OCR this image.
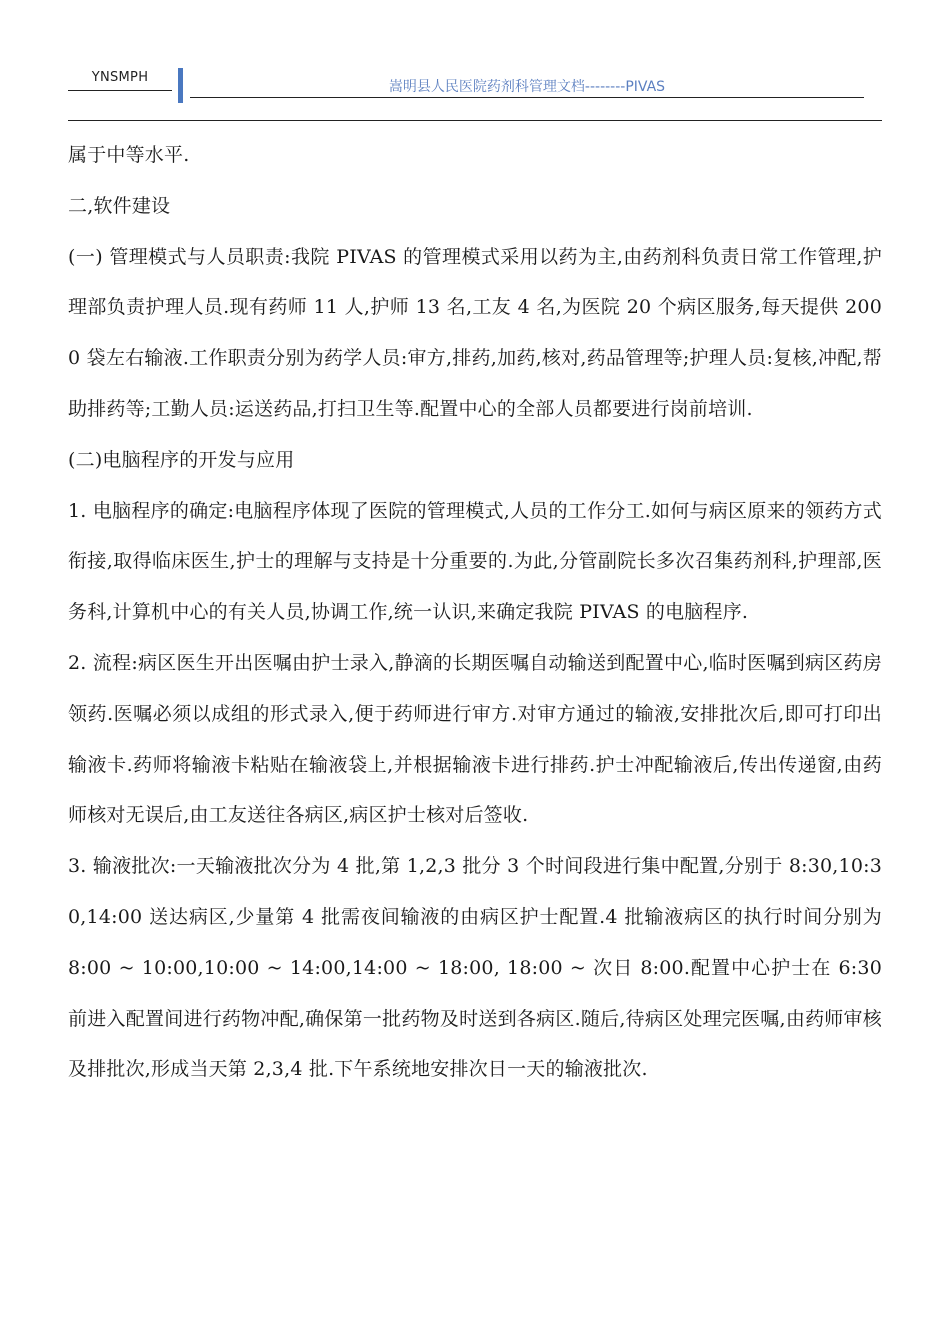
YNSMPH
嵩明县人民医院药剂科管理文档--------PIVAS

属于中等水平.

二,软件建设

(一) 管理模式与人员职责:我院 PIVAS 的管理模式采用以药为主,由药剂科负责日常工作管理,护理部负责护理人员.现有药师 11 人,护师 13 名,工友 4 名,为医院 20 个病区服务,每天提供 2000 袋左右输液.工作职责分别为药学人员:审方,排药,加药,核对,药品管理等;护理人员:复核,冲配,帮助排药等;工勤人员:运送药品,打扫卫生等.配置中心的全部人员都要进行岗前培训.

(二)电脑程序的开发与应用

1. 电脑程序的确定:电脑程序体现了医院的管理模式,人员的工作分工.如何与病区原来的领药方式衔接,取得临床医生,护士的理解与支持是十分重要的.为此,分管副院长多次召集药剂科,护理部,医务科,计算机中心的有关人员,协调工作,统一认识,来确定我院 PIVAS 的电脑程序.

2. 流程:病区医生开出医嘱由护士录入,静滴的长期医嘱自动输送到配置中心,临时医嘱到病区药房领药.医嘱必须以成组的形式录入,便于药师进行审方.对审方通过的输液,安排批次后,即可打印出输液卡.药师将输液卡粘贴在输液袋上,并根据输液卡进行排药.护士冲配输液后,传出传递窗,由药师核对无误后,由工友送往各病区,病区护士核对后签收.

3. 输液批次:一天输液批次分为 4 批,第 1,2,3 批分 3 个时间段进行集中配置,分别于 8:30,10:30,14:00 送达病区,少量第 4 批需夜间输液的由病区护士配置.4 批输液病区的执行时间分别为 8:00 ~ 10:00,10:00 ~ 14:00,14:00 ~ 18:00, 18:00 ~ 次日 8:00.配置中心护士在 6:30 前进入配置间进行药物冲配,确保第一批药物及时送到各病区.随后,待病区处理完医嘱,由药师审核及排批次,形成当天第 2,3,4 批.下午系统地安排次日一天的输液批次.
